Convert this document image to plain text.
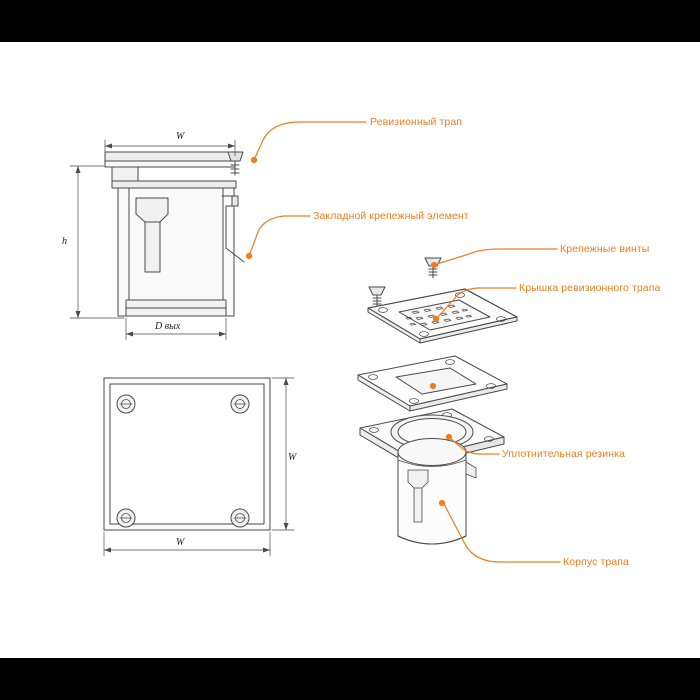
Ревизионный трап
Закладной крепежный элемент
Крепежные винты
Крышка ревизионного трапа
Уплотнительная резинка
Корпус трапа
W
h
D вых
W
W
